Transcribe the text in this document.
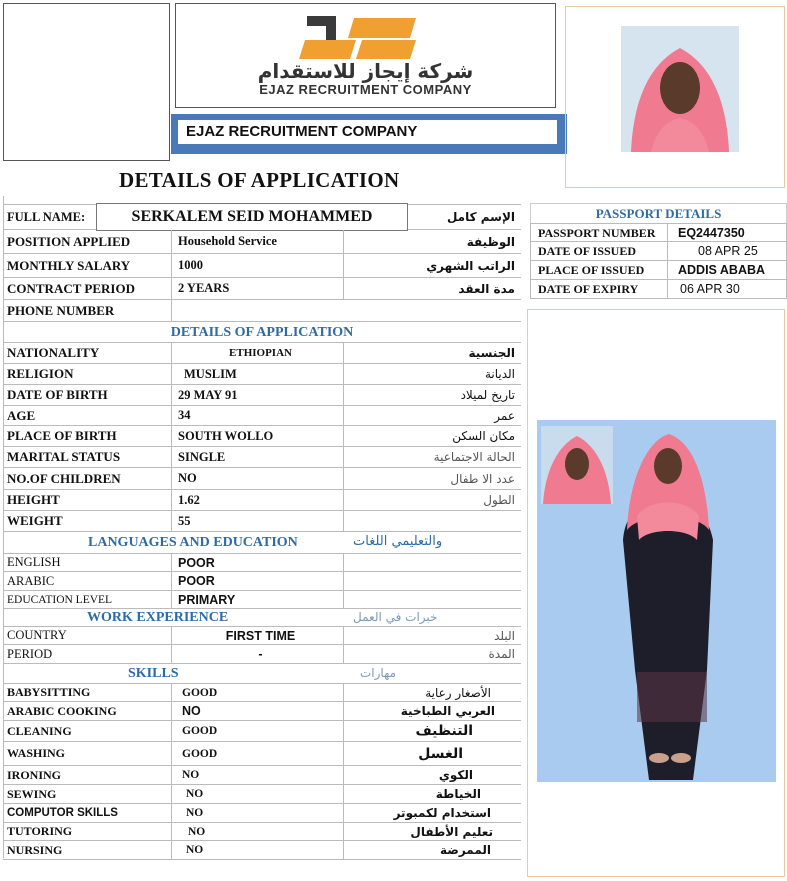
شركة إيجاز للاستقدام
EJAZ RECRUITMENT COMPANY
EJAZ RECRUITMENT COMPANY
DETAILS OF APPLICATION
FULL NAME:	SERKALEM SEID MOHAMMED	الإسم كامل
POSITION APPLIED	Household Service	الوظيفة
MONTHLY SALARY	1000	الراتب الشهري
CONTRACT PERIOD	2 YEARS	مدة العقد
PHONE NUMBER
DETAILS OF APPLICATION
NATIONALITY	ETHIOPIAN	الجنسية
RELIGION	MUSLIM	الديانة
DATE OF BIRTH	29 MAY 91	تاريخ لميلاد
AGE	34	عمر
PLACE OF BIRTH	SOUTH WOLLO	مكان السكن
MARITAL STATUS	SINGLE	الحالة الاجتماعية
NO.OF CHILDREN	NO	عدد الا طفال
HEIGHT	1.62	الطول
WEIGHT	55
LANGUAGES AND EDUCATION	والتعليمي اللغات
ENGLISH	POOR
ARABIC	POOR
EDUCATION LEVEL	PRIMARY
WORK EXPERIENCE	خبرات في العمل
COUNTRY	FIRST TIME	البلد
PERIOD	-	المدة
SKILLS	مهارات
BABYSITTING	GOOD	الأصغار رعاية
ARABIC COOKING	NO	العربي الطباخية
CLEANING	GOOD	التنظيف
WASHING	GOOD	الغسل
IRONING	NO	الكوي
SEWING	NO	الخياطة
COMPUTOR SKILLS	NO	استخدام لكمبوتر
TUTORING	NO	تعليم الأطفال
NURSING	NO	الممرضة
PASSPORT DETAILS
PASSPORT NUMBER	EQ2447350
DATE OF ISSUED	08 APR 25
PLACE OF ISSUED	ADDIS ABABA
DATE OF EXPIRY	06 APR 30
